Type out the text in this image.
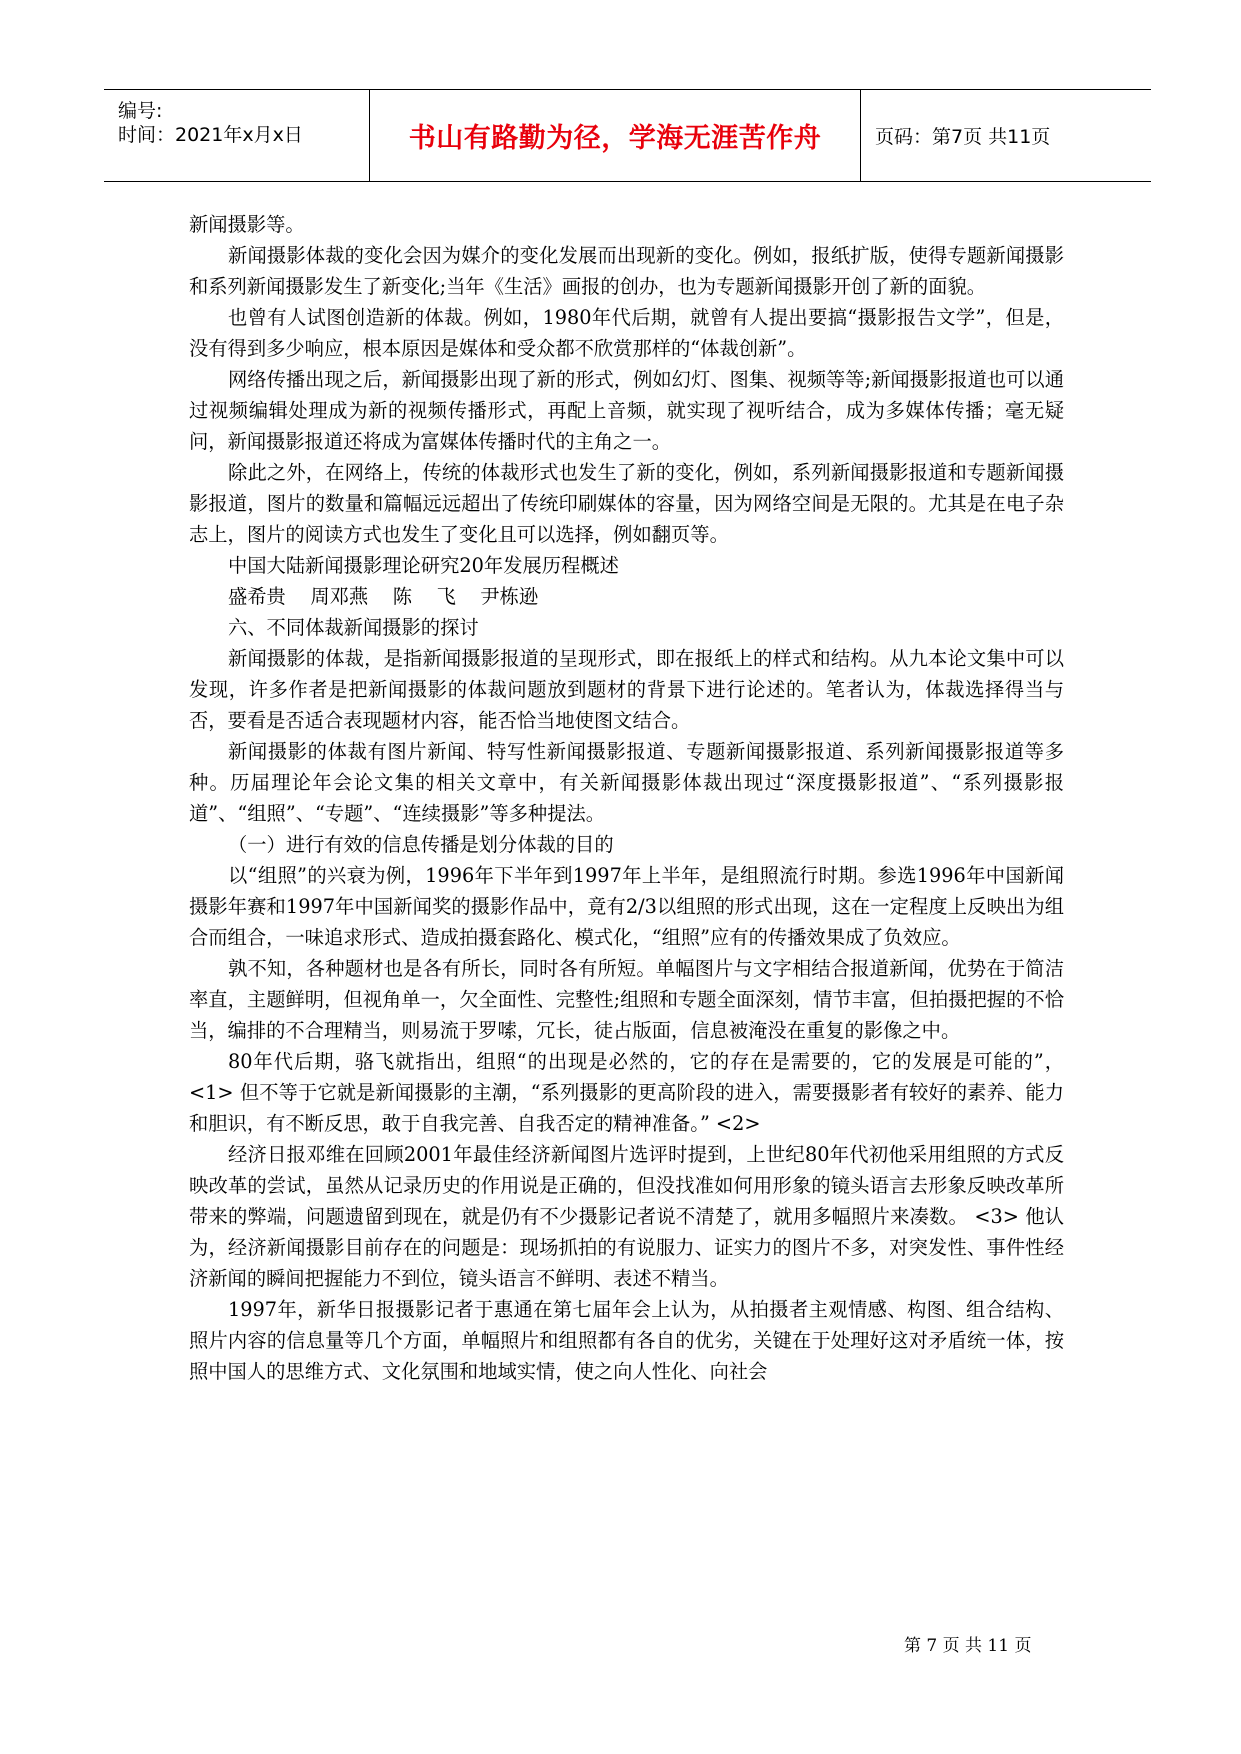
编号:
时间：2021年x月x日	书山有路勤为径，学海无涯苦作舟	页码：第7页 共11页

新闻摄影等。

新闻摄影体裁的变化会因为媒介的变化发展而出现新的变化。例如，报纸扩版，使得专题新闻摄影和系列新闻摄影发生了新变化;当年《生活》画报的创办，也为专题新闻摄影开创了新的面貌。

也曾有人试图创造新的体裁。例如，1980年代后期，就曾有人提出要搞“摄影报告文学”，但是，没有得到多少响应，根本原因是媒体和受众都不欣赏那样的“体裁创新”。

网络传播出现之后，新闻摄影出现了新的形式，例如幻灯、图集、视频等等;新闻摄影报道也可以通过视频编辑处理成为新的视频传播形式，再配上音频，就实现了视听结合，成为多媒体传播；毫无疑问，新闻摄影报道还将成为富媒体传播时代的主角之一。

除此之外，在网络上，传统的体裁形式也发生了新的变化，例如，系列新闻摄影报道和专题新闻摄影报道，图片的数量和篇幅远远超出了传统印刷媒体的容量，因为网络空间是无限的。尤其是在电子杂志上，图片的阅读方式也发生了变化且可以选择，例如翻页等。

中国大陆新闻摄影理论研究20年发展历程概述

盛希贵    周邓燕    陈    飞    尹栋逊

六、不同体裁新闻摄影的探讨

新闻摄影的体裁，是指新闻摄影报道的呈现形式，即在报纸上的样式和结构。从九本论文集中可以发现，许多作者是把新闻摄影的体裁问题放到题材的背景下进行论述的。笔者认为，体裁选择得当与否，要看是否适合表现题材内容，能否恰当地使图文结合。

新闻摄影的体裁有图片新闻、特写性新闻摄影报道、专题新闻摄影报道、系列新闻摄影报道等多种。历届理论年会论文集的相关文章中，有关新闻摄影体裁出现过“深度摄影报道”、“系列摄影报道”、“组照”、“专题”、“连续摄影”等多种提法。

（一）进行有效的信息传播是划分体裁的目的

以“组照”的兴衰为例，1996年下半年到1997年上半年，是组照流行时期。参选1996年中国新闻摄影年赛和1997年中国新闻奖的摄影作品中，竟有2/3以组照的形式出现，这在一定程度上反映出为组合而组合，一味追求形式、造成拍摄套路化、模式化，“组照”应有的传播效果成了负效应。

孰不知，各种题材也是各有所长，同时各有所短。单幅图片与文字相结合报道新闻，优势在于简洁率直，主题鲜明，但视角单一，欠全面性、完整性;组照和专题全面深刻，情节丰富，但拍摄把握的不恰当，编排的不合理精当，则易流于罗嗦，冗长，徒占版面，信息被淹没在重复的影像之中。

80年代后期，骆飞就指出，组照“的出现是必然的，它的存在是需要的，它的发展是可能的”， <1> 但不等于它就是新闻摄影的主潮，“系列摄影的更高阶段的进入，需要摄影者有较好的素养、能力和胆识，有不断反思，敢于自我完善、自我否定的精神准备。” <2>

经济日报邓维在回顾2001年最佳经济新闻图片选评时提到，上世纪80年代初他采用组照的方式反映改革的尝试，虽然从记录历史的作用说是正确的，但没找准如何用形象的镜头语言去形象反映改革所带来的弊端，问题遗留到现在，就是仍有不少摄影记者说不清楚了，就用多幅照片来凑数。 <3> 他认为，经济新闻摄影目前存在的问题是：现场抓拍的有说服力、证实力的图片不多，对突发性、事件性经济新闻的瞬间把握能力不到位，镜头语言不鲜明、表述不精当。

1997年，新华日报摄影记者于惠通在第七届年会上认为，从拍摄者主观情感、构图、组合结构、照片内容的信息量等几个方面，单幅照片和组照都有各自的优劣，关键在于处理好这对矛盾统一体，按照中国人的思维方式、文化氛围和地域实情，使之向人性化、向社会

第 7 页 共 11 页
